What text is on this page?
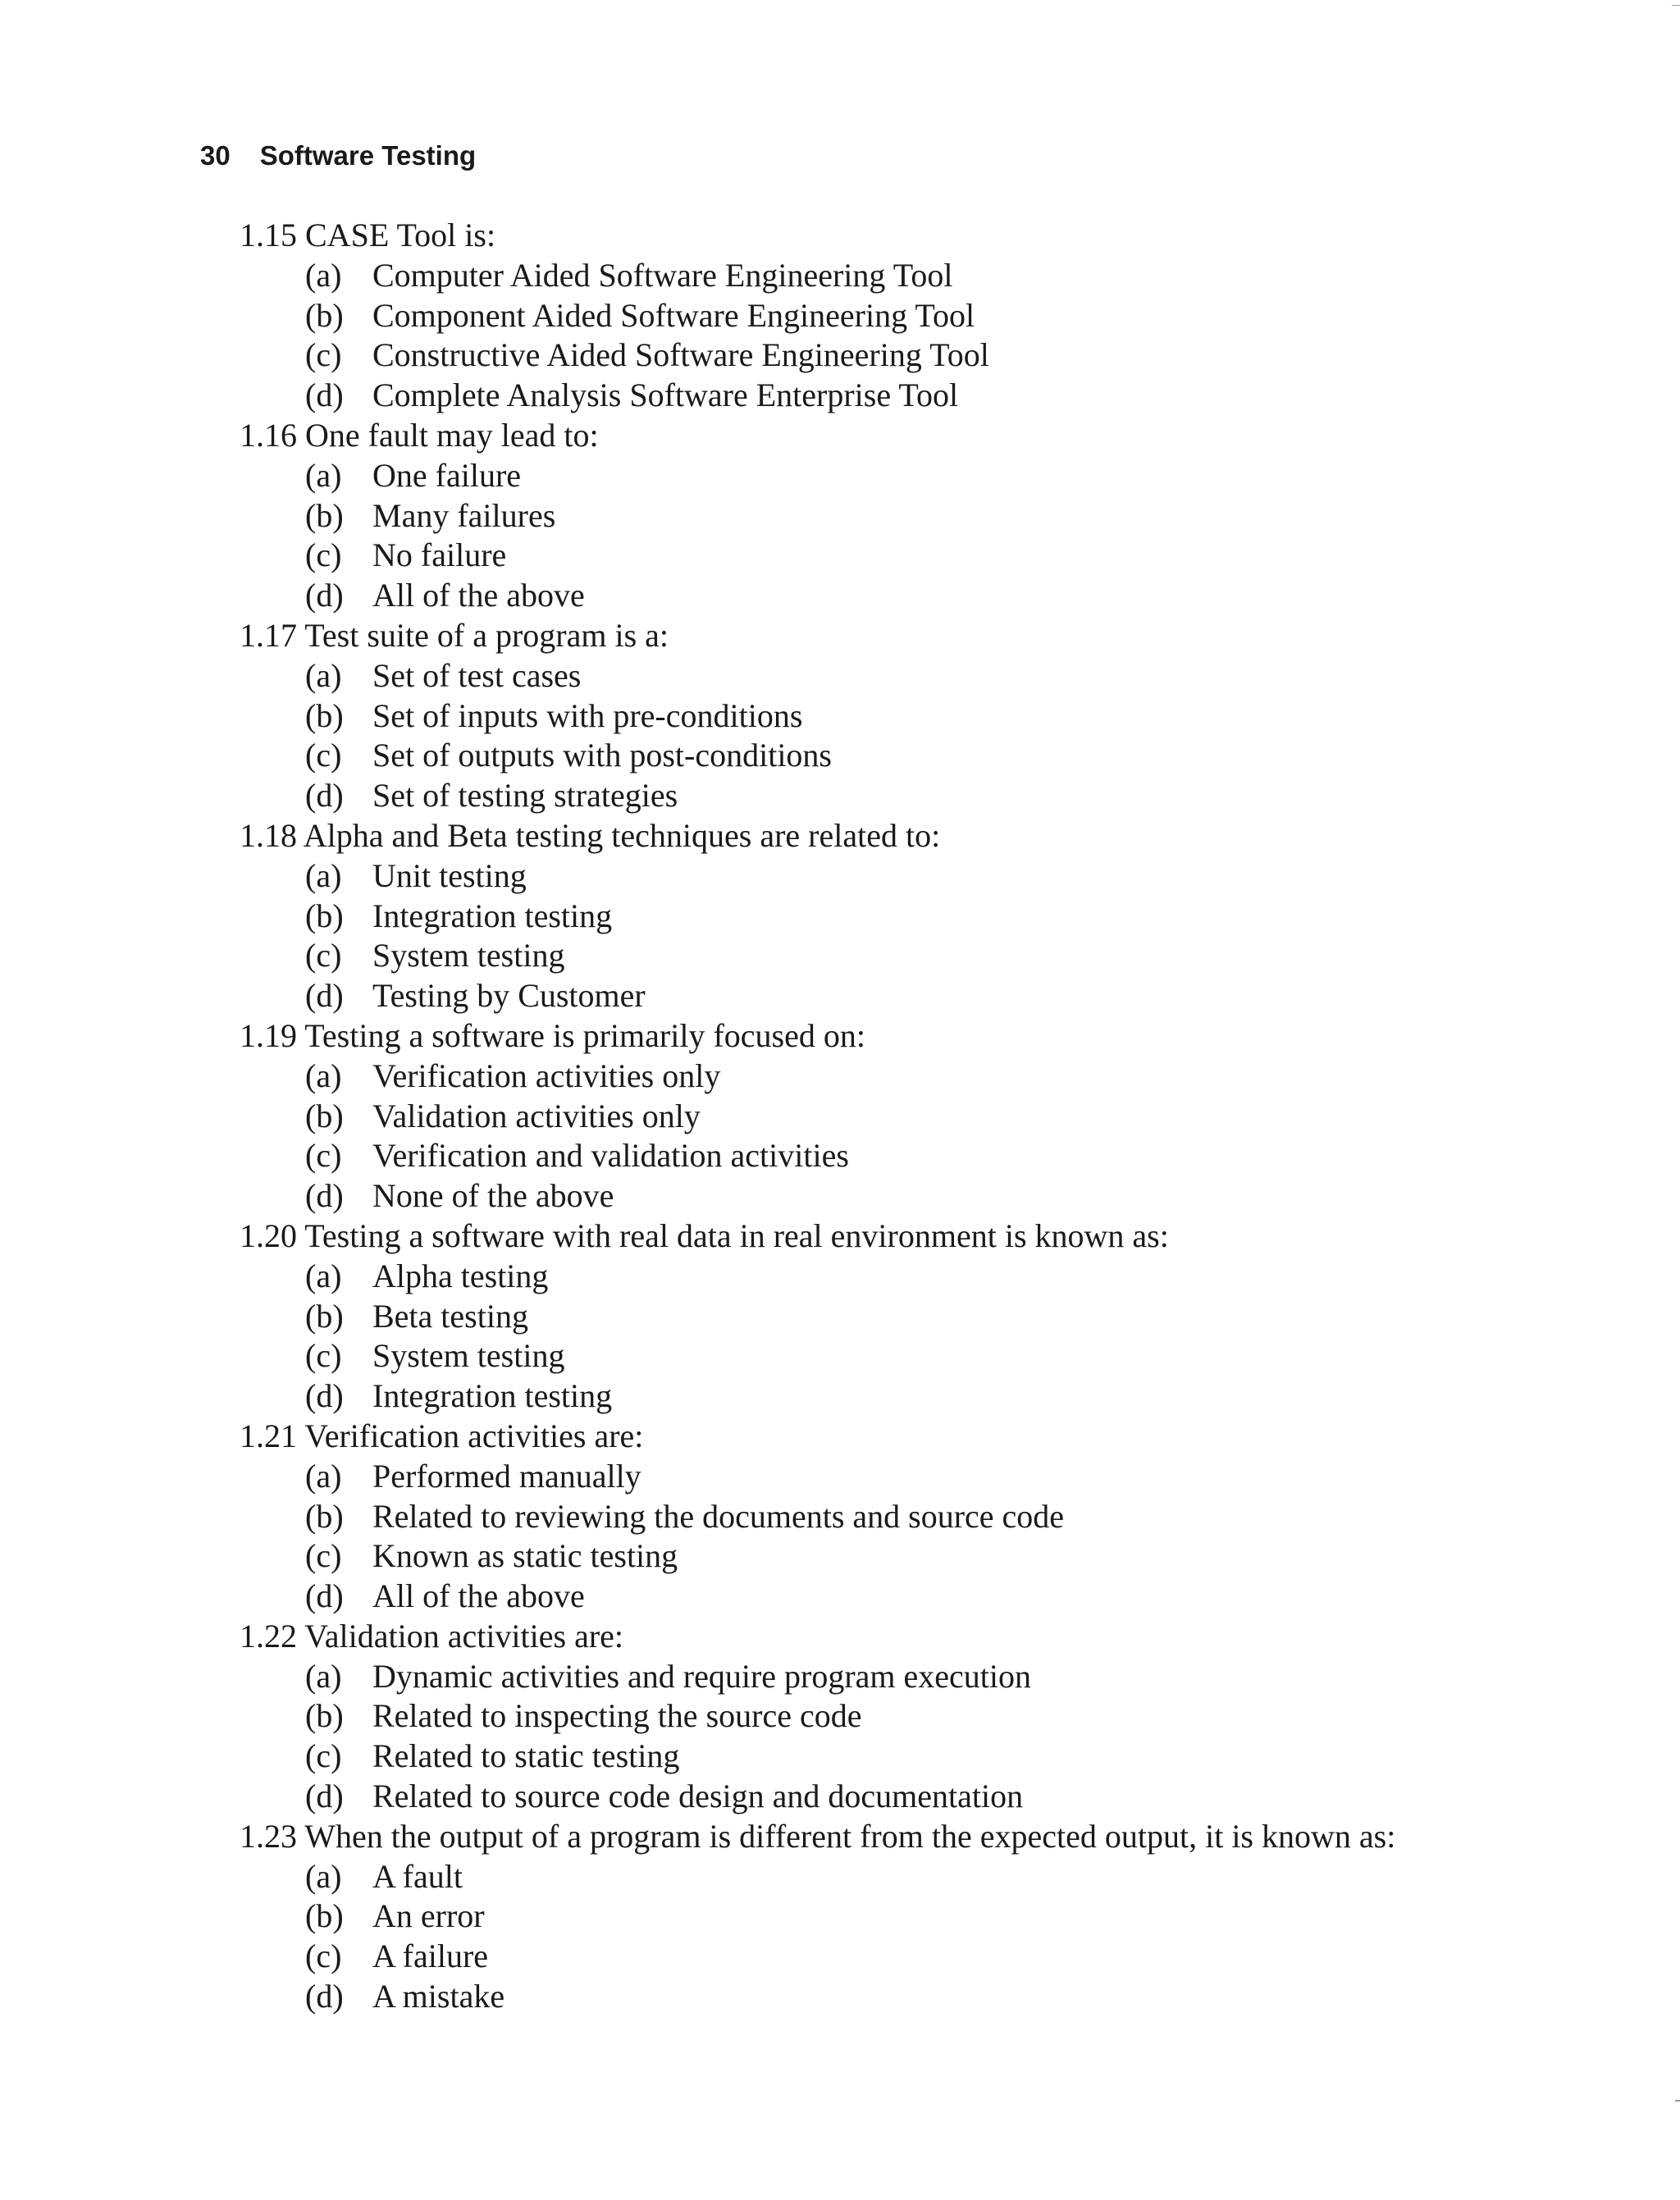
30 Software Testing
1.15 CASE Tool is:
(a) Computer Aided Software Engineering Tool
(b) Component Aided Software Engineering Tool
(c) Constructive Aided Software Engineering Tool
(d) Complete Analysis Software Enterprise Tool
1.16 One fault may lead to:
(a) One failure
(b) Many failures
(c) No failure
(d) All of the above
1.17 Test suite of a program is a:
(a) Set of test cases
(b) Set of inputs with pre-conditions
(c) Set of outputs with post-conditions
(d) Set of testing strategies
1.18 Alpha and Beta testing techniques are related to:
(a) Unit testing
(b) Integration testing
(c) System testing
(d) Testing by Customer
1.19 Testing a software is primarily focused on:
(a) Verification activities only
(b) Validation activities only
(c) Verification and validation activities
(d) None of the above
1.20 Testing a software with real data in real environment is known as:
(a) Alpha testing
(b) Beta testing
(c) System testing
(d) Integration testing
1.21 Verification activities are:
(a) Performed manually
(b) Related to reviewing the documents and source code
(c) Known as static testing
(d) All of the above
1.22 Validation activities are:
(a) Dynamic activities and require program execution
(b) Related to inspecting the source code
(c) Related to static testing
(d) Related to source code design and documentation
1.23 When the output of a program is different from the expected output, it is known as:
(a) A fault
(b) An error
(c) A failure
(d) A mistake
